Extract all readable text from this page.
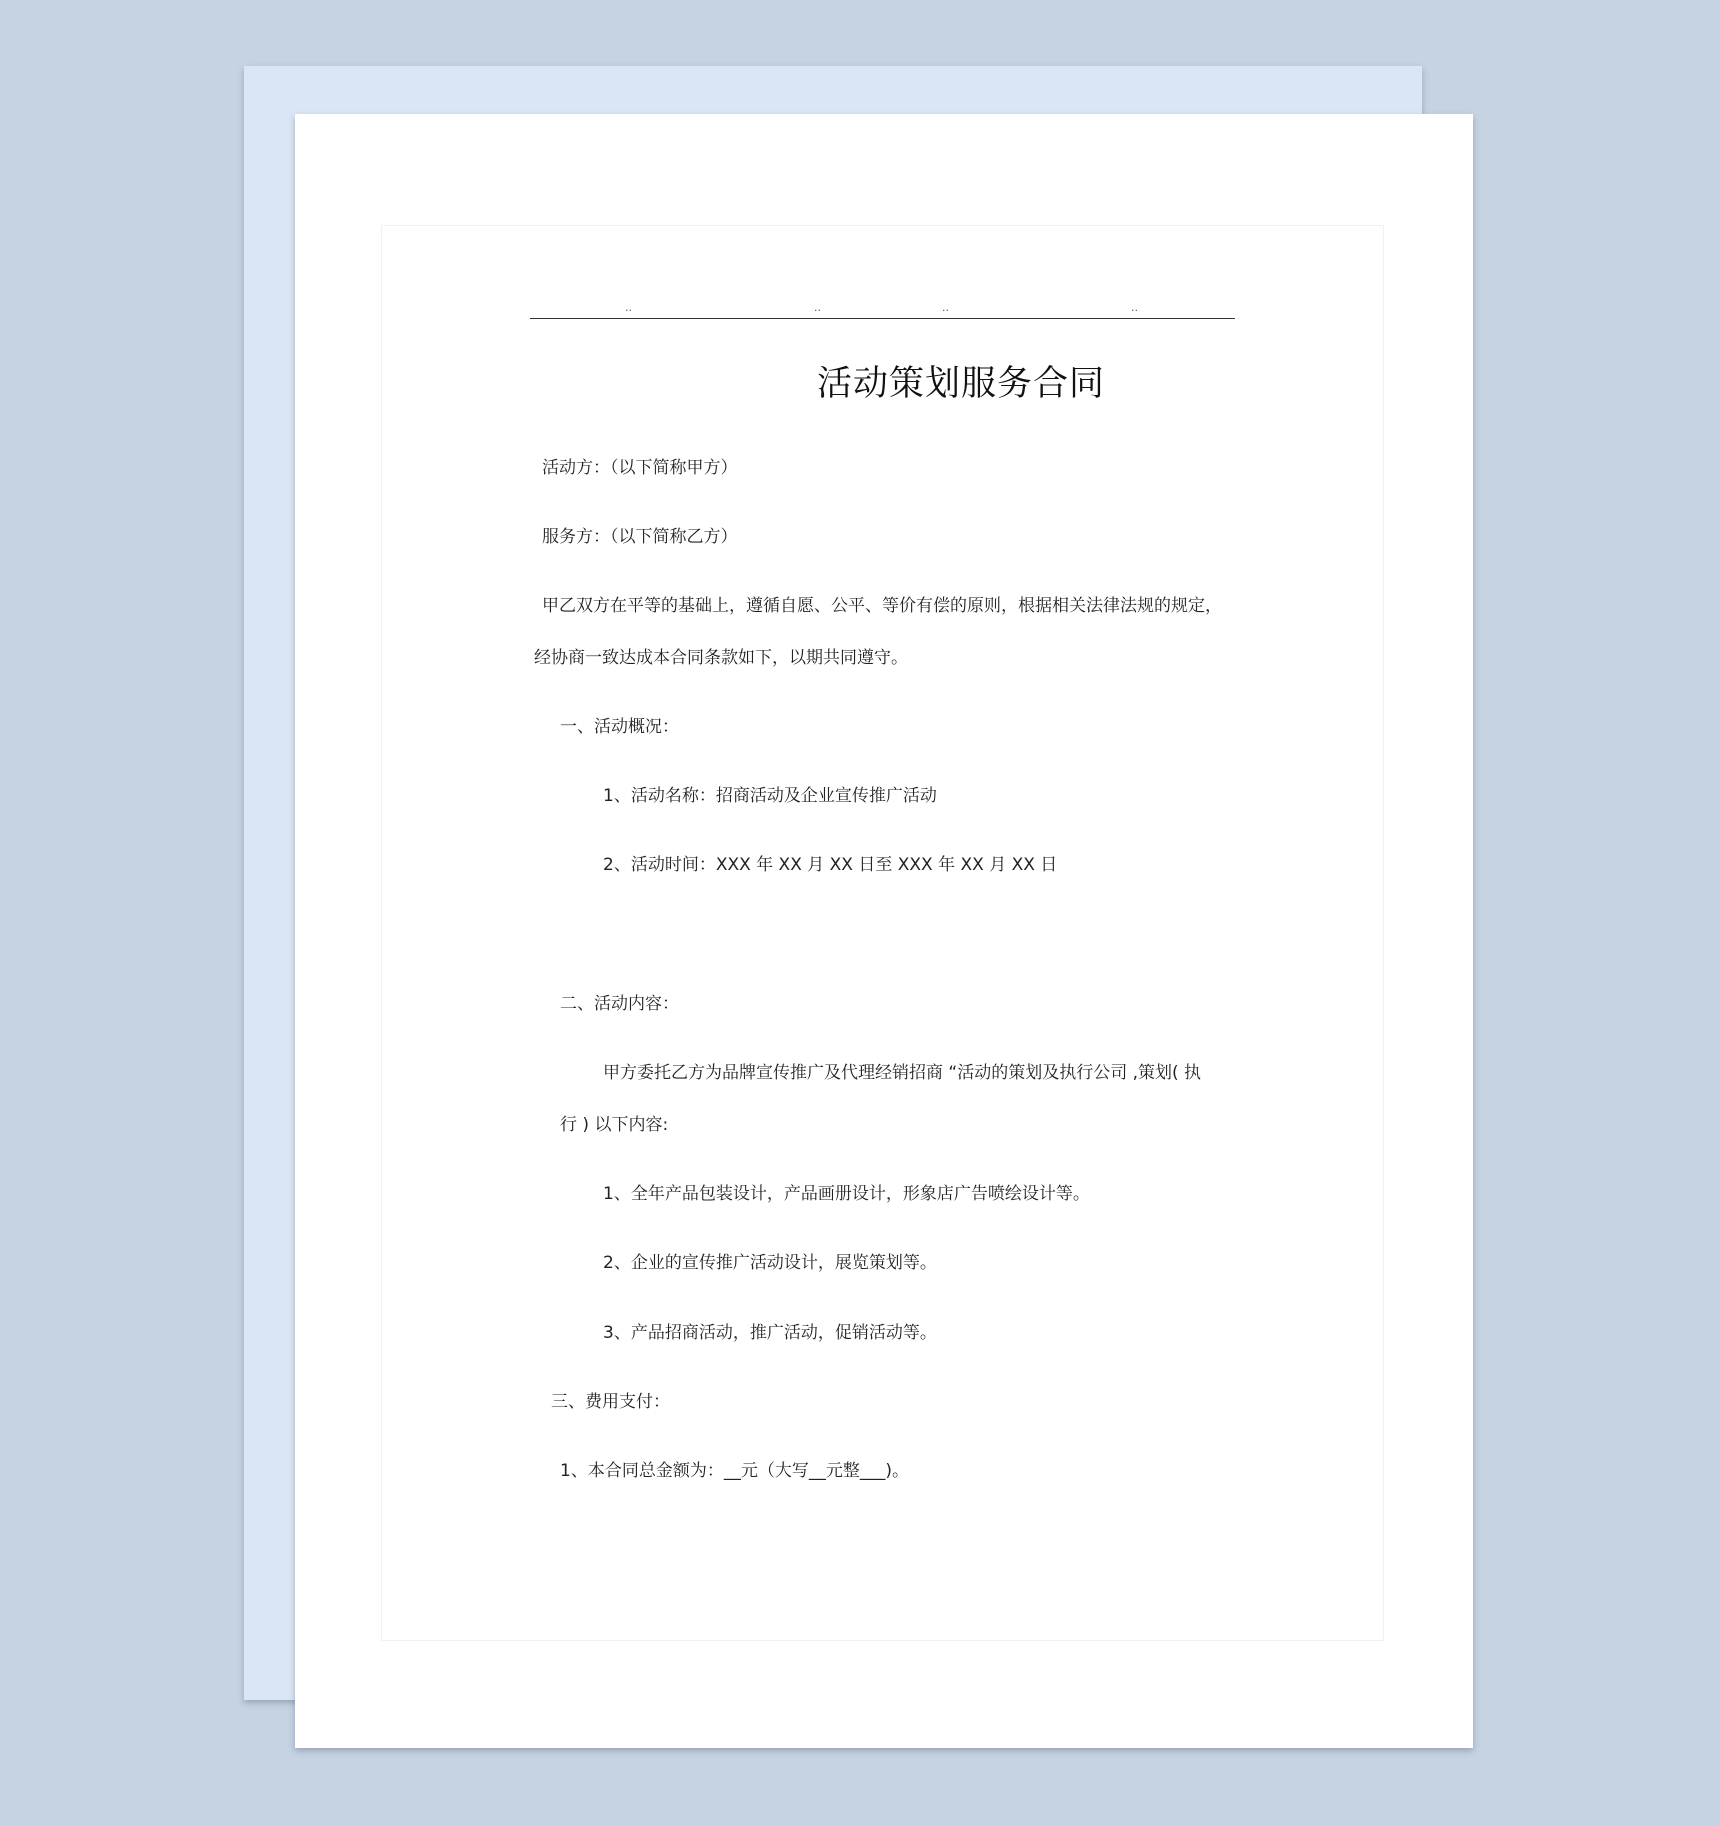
..	..	..	..
活动策划服务合同
活动方：（以下简称甲方）
服务方：（以下简称乙方）
甲乙双方在平等的基础上，遵循自愿、公平、等价有偿的原则，根据相关法律法规的规定，
经协商一致达成本合同条款如下，以期共同遵守。
一、活动概况：
1、活动名称：招商活动及企业宣传推广活动
2、活动时间：XXX 年 XX 月 XX 日至 XXX 年 XX 月 XX 日
二、活动内容：
甲方委托乙方为品牌宣传推广及代理经销招商 “活动的策划及执行公司 ,策划( 执
行 ) 以下内容:
1、全年产品包装设计，产品画册设计，形象店广告喷绘设计等。
2、企业的宣传推广活动设计，展览策划等。
3、产品招商活动，推广活动，促销活动等。
三、费用支付：
1、本合同总金额为：__元（大写__元整___)。
